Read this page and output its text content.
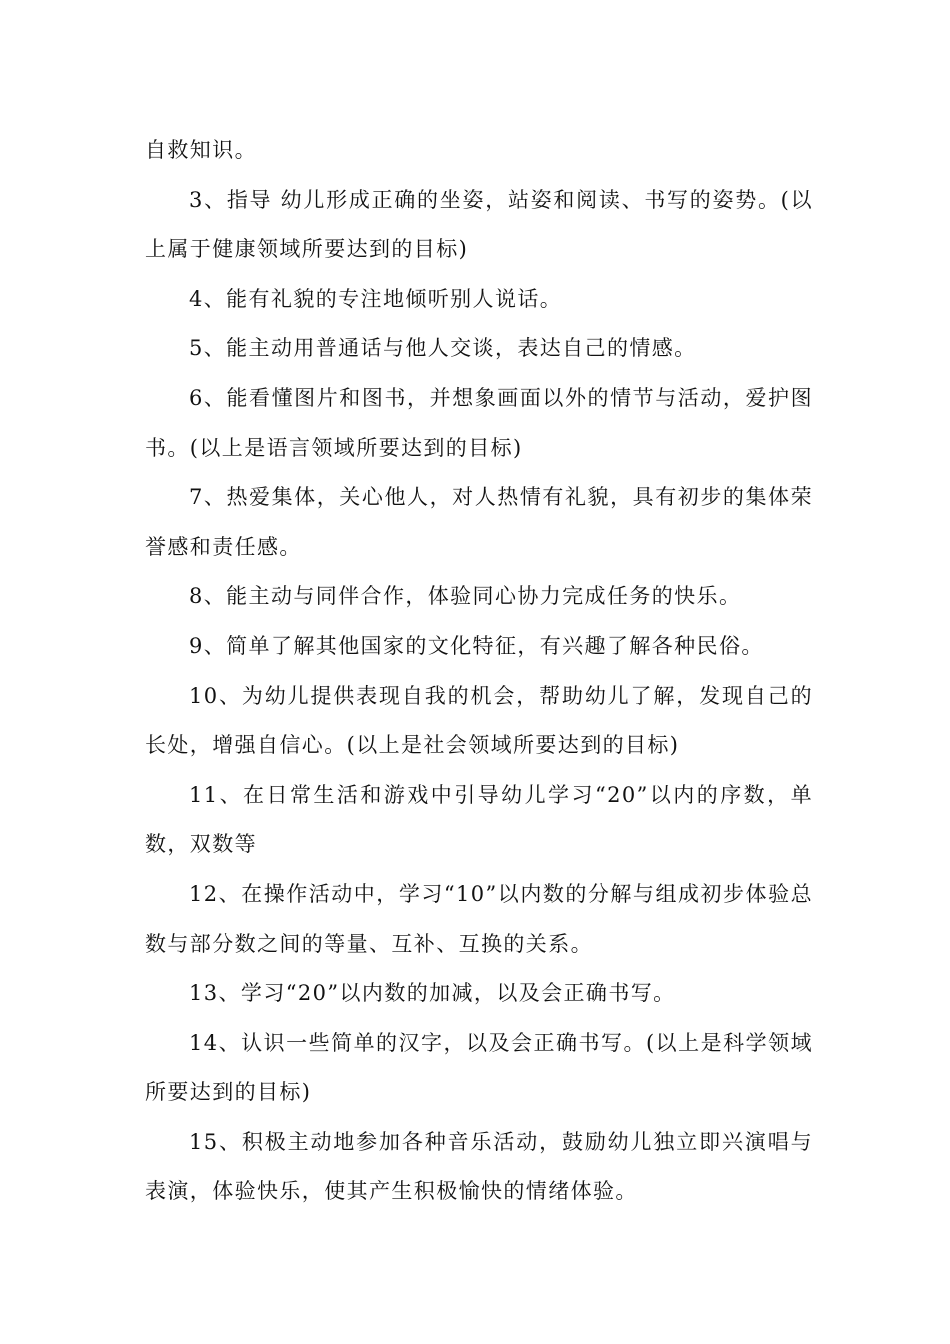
自救知识。

3、指导 幼儿形成正确的坐姿，站姿和阅读、书写的姿势。(以上属于健康领域所要达到的目标)

4、能有礼貌的专注地倾听别人说话。

5、能主动用普通话与他人交谈，表达自己的情感。

6、能看懂图片和图书，并想象画面以外的情节与活动，爱护图书。(以上是语言领域所要达到的目标)

7、热爱集体，关心他人，对人热情有礼貌，具有初步的集体荣誉感和责任感。

8、能主动与同伴合作，体验同心协力完成任务的快乐。

9、简单了解其他国家的文化特征，有兴趣了解各种民俗。

10、为幼儿提供表现自我的机会，帮助幼儿了解，发现自己的长处，增强自信心。(以上是社会领域所要达到的目标)

11、在日常生活和游戏中引导幼儿学习“20”以内的序数，单数，双数等

12、在操作活动中，学习“10”以内数的分解与组成初步体验总数与部分数之间的等量、互补、互换的关系。

13、学习“20”以内数的加减，以及会正确书写。

14、认识一些简单的汉字，以及会正确书写。(以上是科学领域所要达到的目标)

15、积极主动地参加各种音乐活动，鼓励幼儿独立即兴演唱与表演，体验快乐，使其产生积极愉快的情绪体验。
